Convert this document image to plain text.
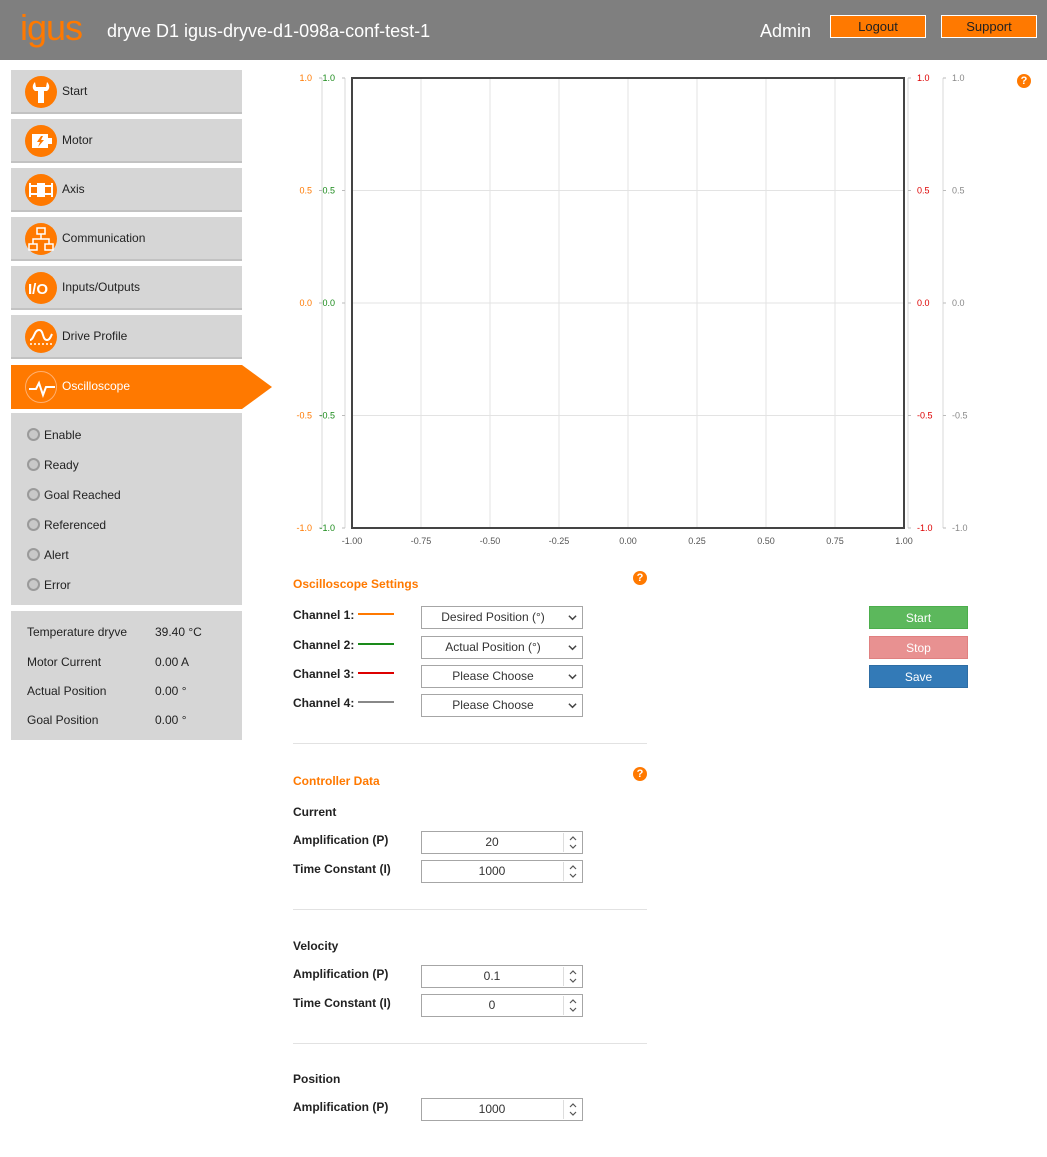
igus dryve D1 igus-dryve-d1-098a-conf-test-1	Admin	Logout	Support
Start
Motor
Axis
Communication
I/O Inputs/Outputs
Drive Profile
Oscilloscope
Enable
Ready
Goal Reached
Referenced
Alert
Error
Temperature dryve 39.40 °C
Motor Current	0.00 A
Actual Position	0.00 °
Goal Position	0.00 °
-1.00	-0.75	-0.50	-0.25	0.00	0.25	0.50	0.75	1.00
1.0
0.5
0.0
-0.5
-1.0
1.0
0.5
0.0
-0.5
-1.0
1.0
0.5
0.0
-0.5
-1.0
1.0
0.5
0.0
-0.5
-1.0
?
Oscilloscope Settings	?
Channel 1:	Desired Position (°)
Channel 2:	Actual Position (°)
Channel 3:	Please Choose
Channel 4:	Please Choose
Start
Stop
Save
Controller Data	?
Current
Amplification (P)	20
Time Constant (I)	1000
Velocity
Amplification (P)	0.1
Time Constant (I)	0
Position
Amplification (P)	1000
